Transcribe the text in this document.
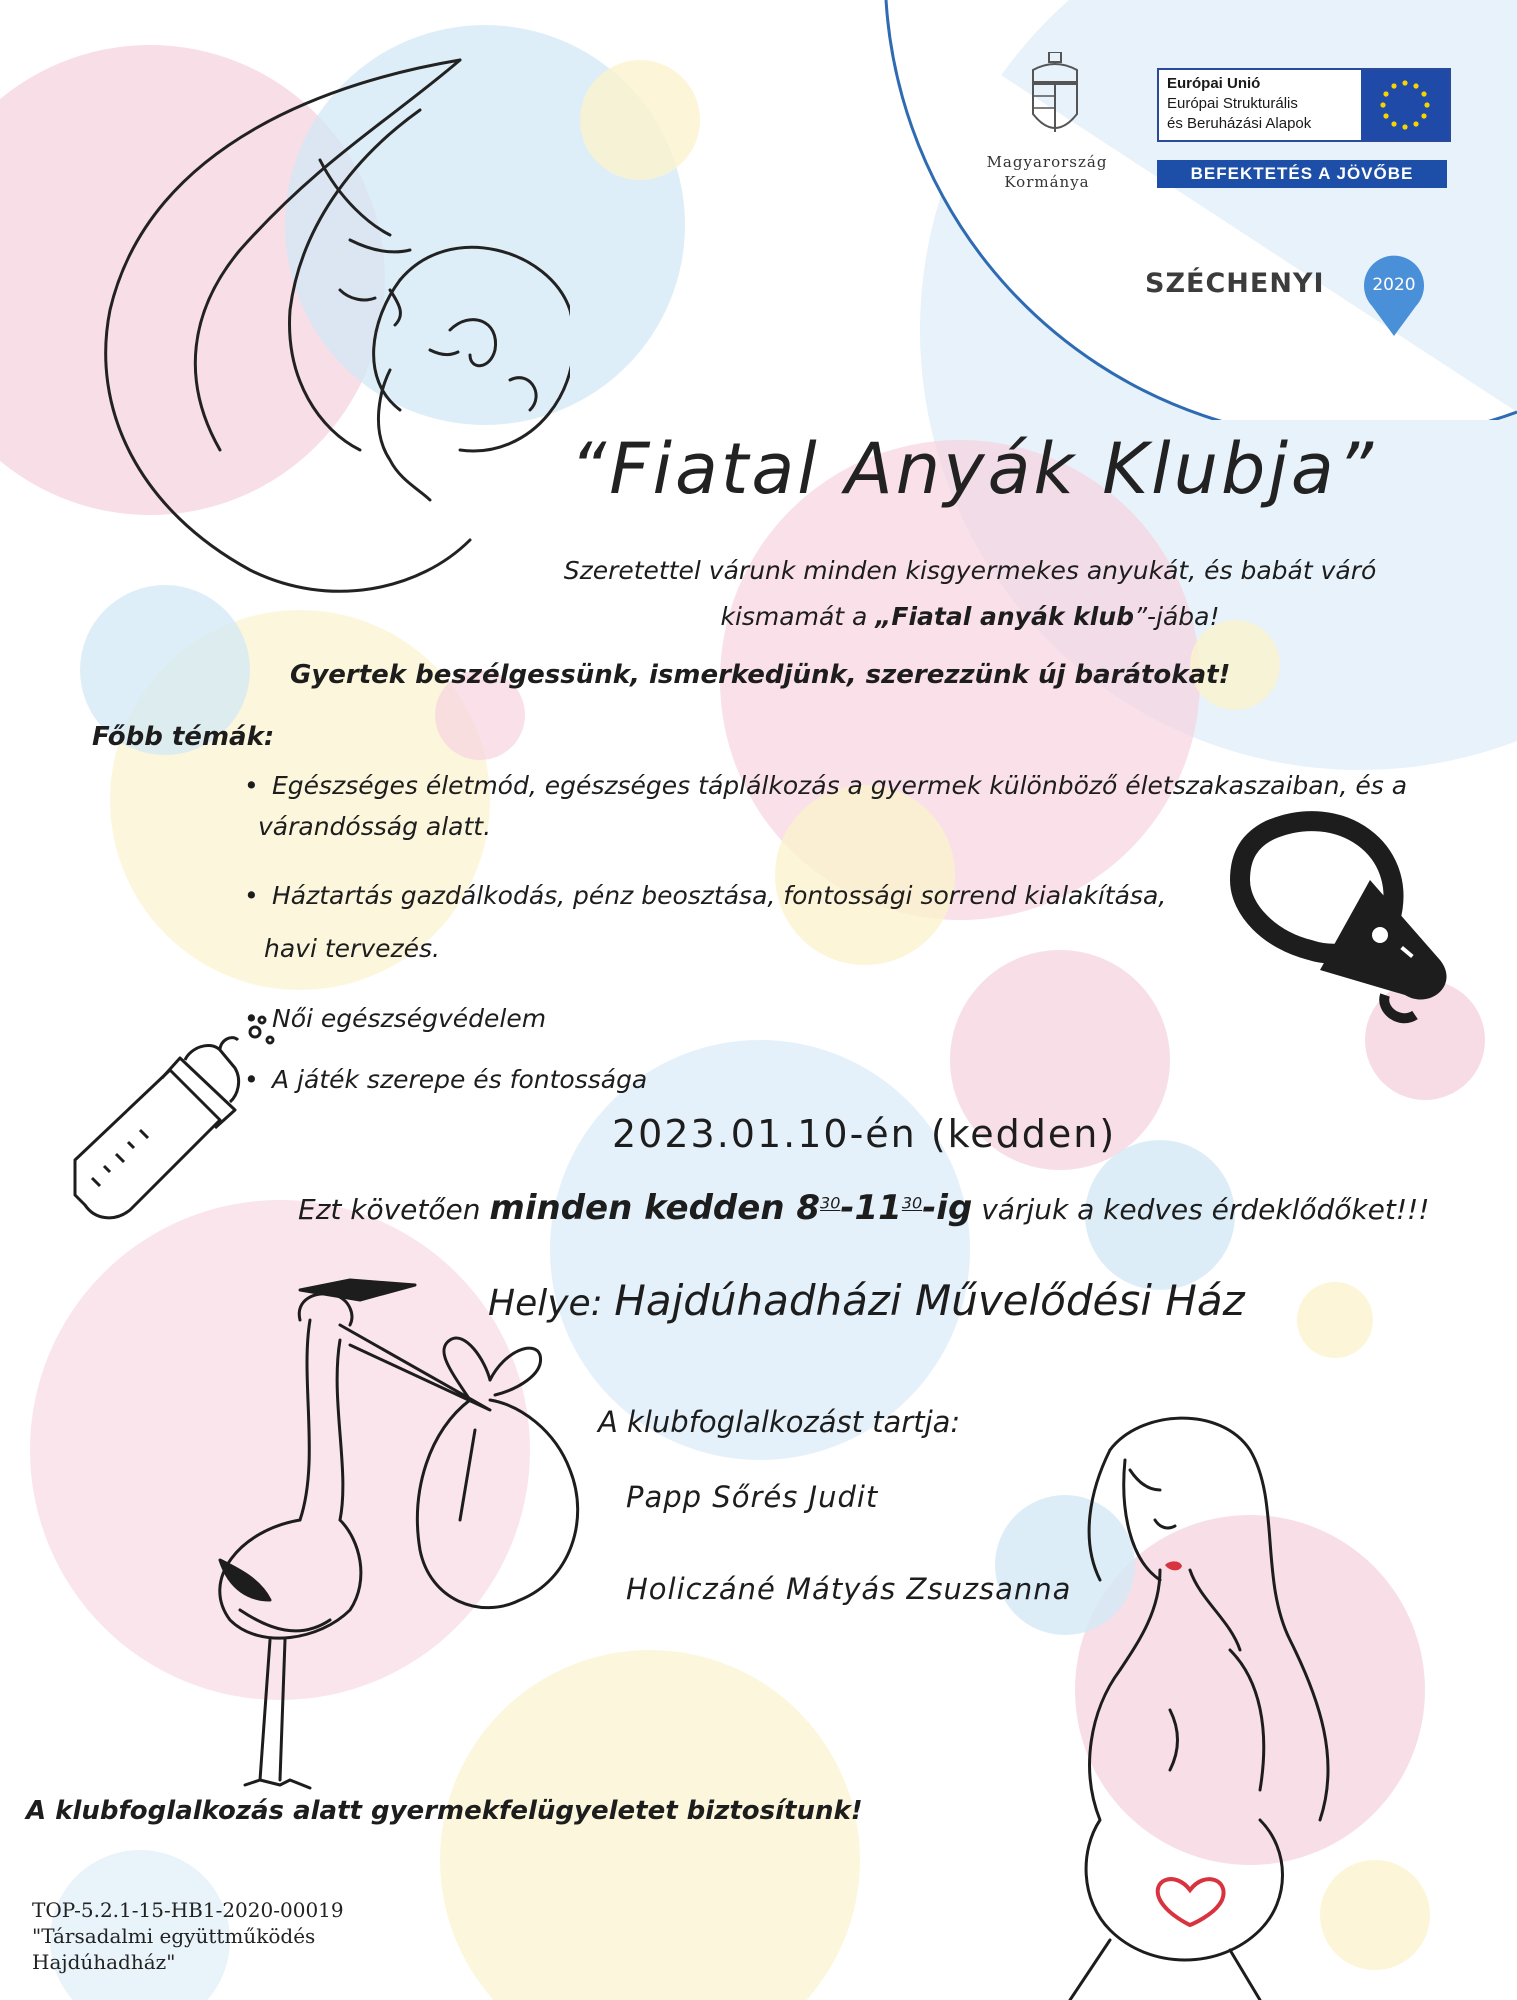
Magyarország
Kormánya
Európai Unió
Európai Strukturális
és Beruházási Alapok
BEFEKTETÉS A JÖVŐBE
SZÉCHENYI	2020
“Fiatal Anyák Klubja”
Szeretettel várunk minden kisgyermekes anyukát, és babát váró
kismamát a „Fiatal anyák klub”-jába!
Gyertek beszélgessünk, ismerkedjünk, szerezzünk új barátokat!
Főbb témák:
• Egészséges életmód, egészséges táplálkozás a gyermek különböző életszakaszaiban, és a
várandósság alatt.
• Háztartás gazdálkodás, pénz beosztása, fontossági sorrend kialakítása,
havi tervezés.
• Női egészségvédelem
• A játék szerepe és fontossága
2023.01.10-én (kedden)
Ezt követően minden kedden $8^{30}-11^{30}-ig$ várjuk a kedves érdeklődőket!!!
Helye: Hajdúhadházi Művelődési Ház
A klubfoglalkozást tartja:
Papp Sőrés Judit
Holiczáné Mátyás Zsuzsanna
A klubfoglalkozás alatt gyermekfelügyeletet biztosítunk!
TOP-5.2.1-15-HB1-2020-00019
"Társadalmi együttműködés
Hajdúhadház"
